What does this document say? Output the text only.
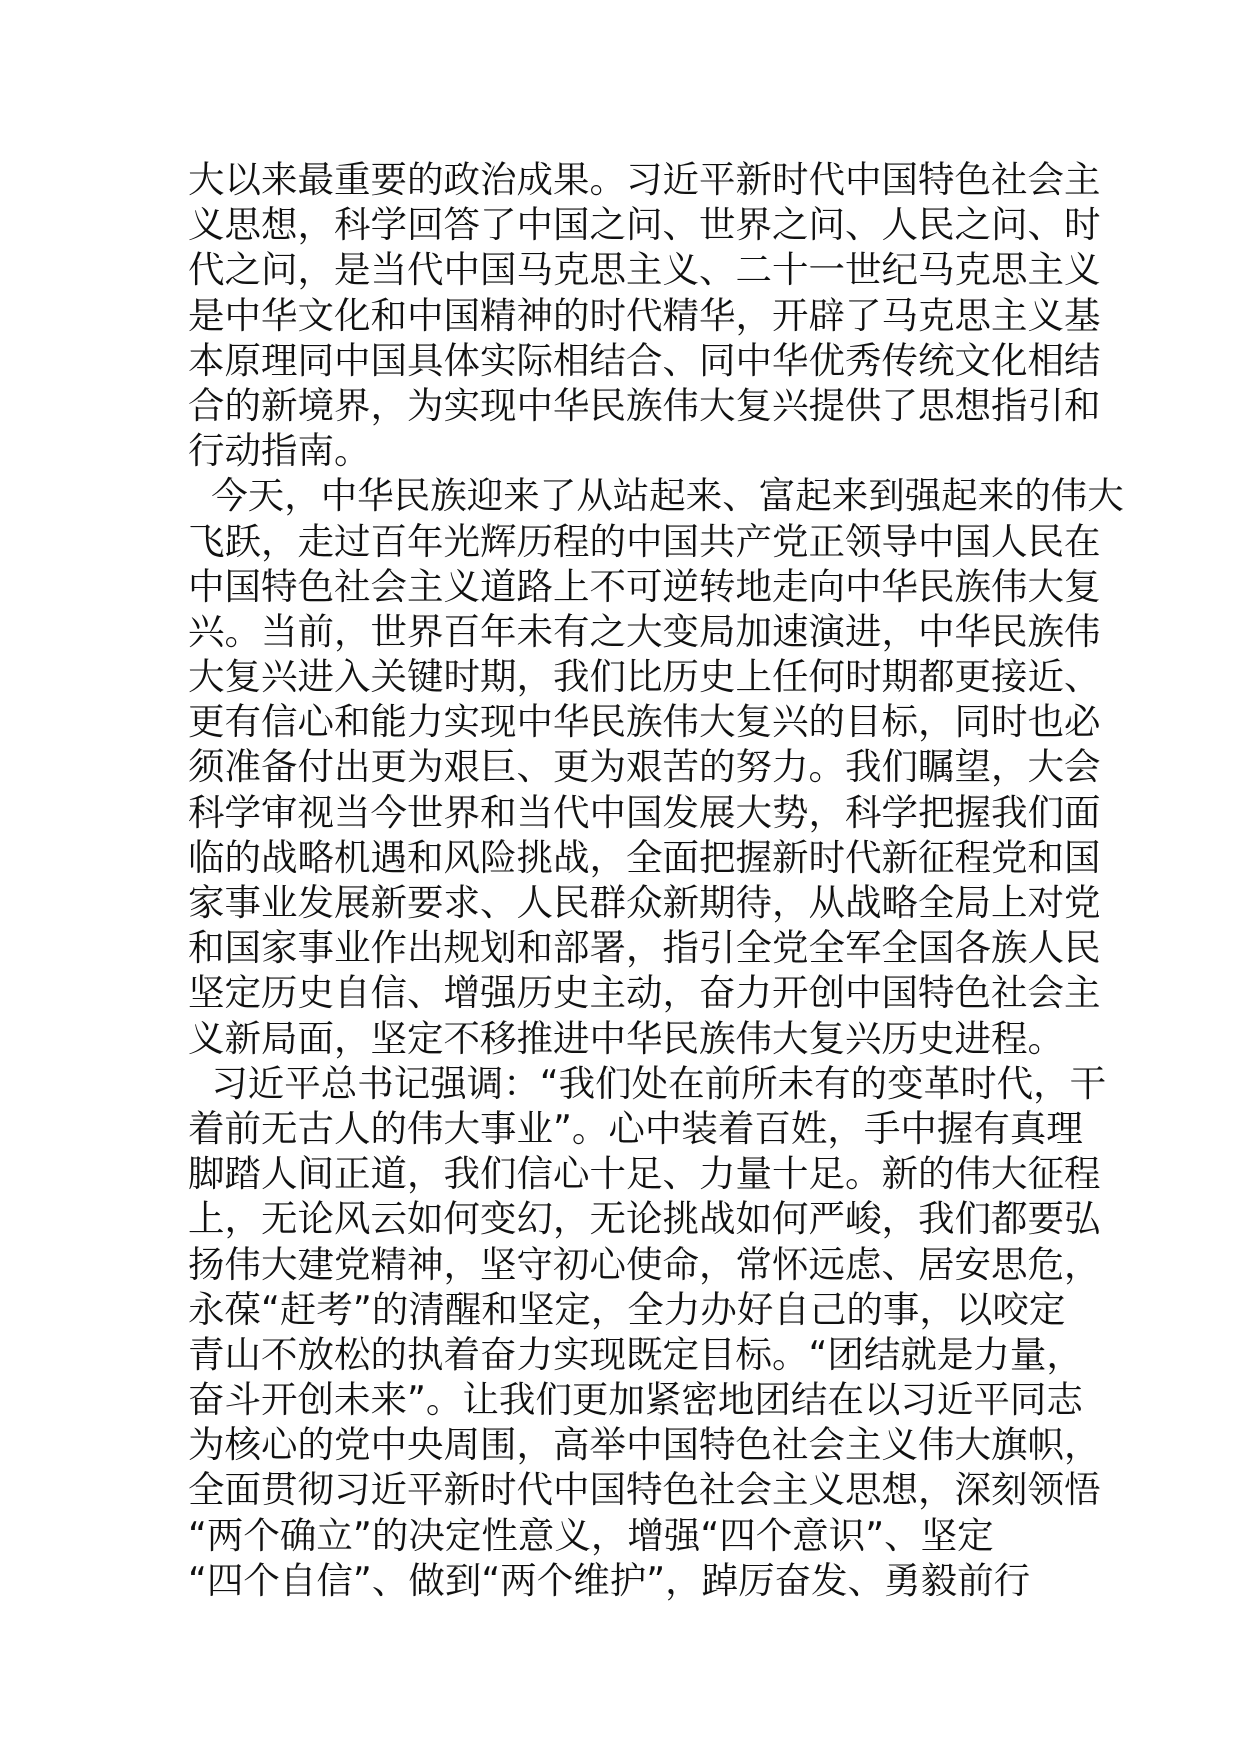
大以来最重要的政治成果。习近平新时代中国特色社会主
义思想，科学回答了中国之问、世界之问、人民之问、时
代之问，是当代中国马克思主义、二十一世纪马克思主义
是中华文化和中国精神的时代精华，开辟了马克思主义基
本原理同中国具体实际相结合、同中华优秀传统文化相结
合的新境界，为实现中华民族伟大复兴提供了思想指引和
行动指南。
今天，中华民族迎来了从站起来、富起来到强起来的伟大
飞跃，走过百年光辉历程的中国共产党正领导中国人民在
中国特色社会主义道路上不可逆转地走向中华民族伟大复
兴。当前，世界百年未有之大变局加速演进，中华民族伟
大复兴进入关键时期，我们比历史上任何时期都更接近、
更有信心和能力实现中华民族伟大复兴的目标，同时也必
须准备付出更为艰巨、更为艰苦的努力。我们瞩望，大会
科学审视当今世界和当代中国发展大势，科学把握我们面
临的战略机遇和风险挑战，全面把握新时代新征程党和国
家事业发展新要求、人民群众新期待，从战略全局上对党
和国家事业作出规划和部署，指引全党全军全国各族人民
坚定历史自信、增强历史主动，奋力开创中国特色社会主
义新局面，坚定不移推进中华民族伟大复兴历史进程。
习近平总书记强调：“我们处在前所未有的变革时代，干
着前无古人的伟大事业”。心中装着百姓，手中握有真理
脚踏人间正道，我们信心十足、力量十足。新的伟大征程
上，无论风云如何变幻，无论挑战如何严峻，我们都要弘
扬伟大建党精神，坚守初心使命，常怀远虑、居安思危，
永葆“赶考”的清醒和坚定，全力办好自己的事，以咬定
青山不放松的执着奋力实现既定目标。“团结就是力量，
奋斗开创未来”。让我们更加紧密地团结在以习近平同志
为核心的党中央周围，高举中国特色社会主义伟大旗帜，
全面贯彻习近平新时代中国特色社会主义思想，深刻领悟
“两个确立”的决定性意义，增强“四个意识”、坚定
“四个自信”、做到“两个维护”，踔厉奋发、勇毅前行
